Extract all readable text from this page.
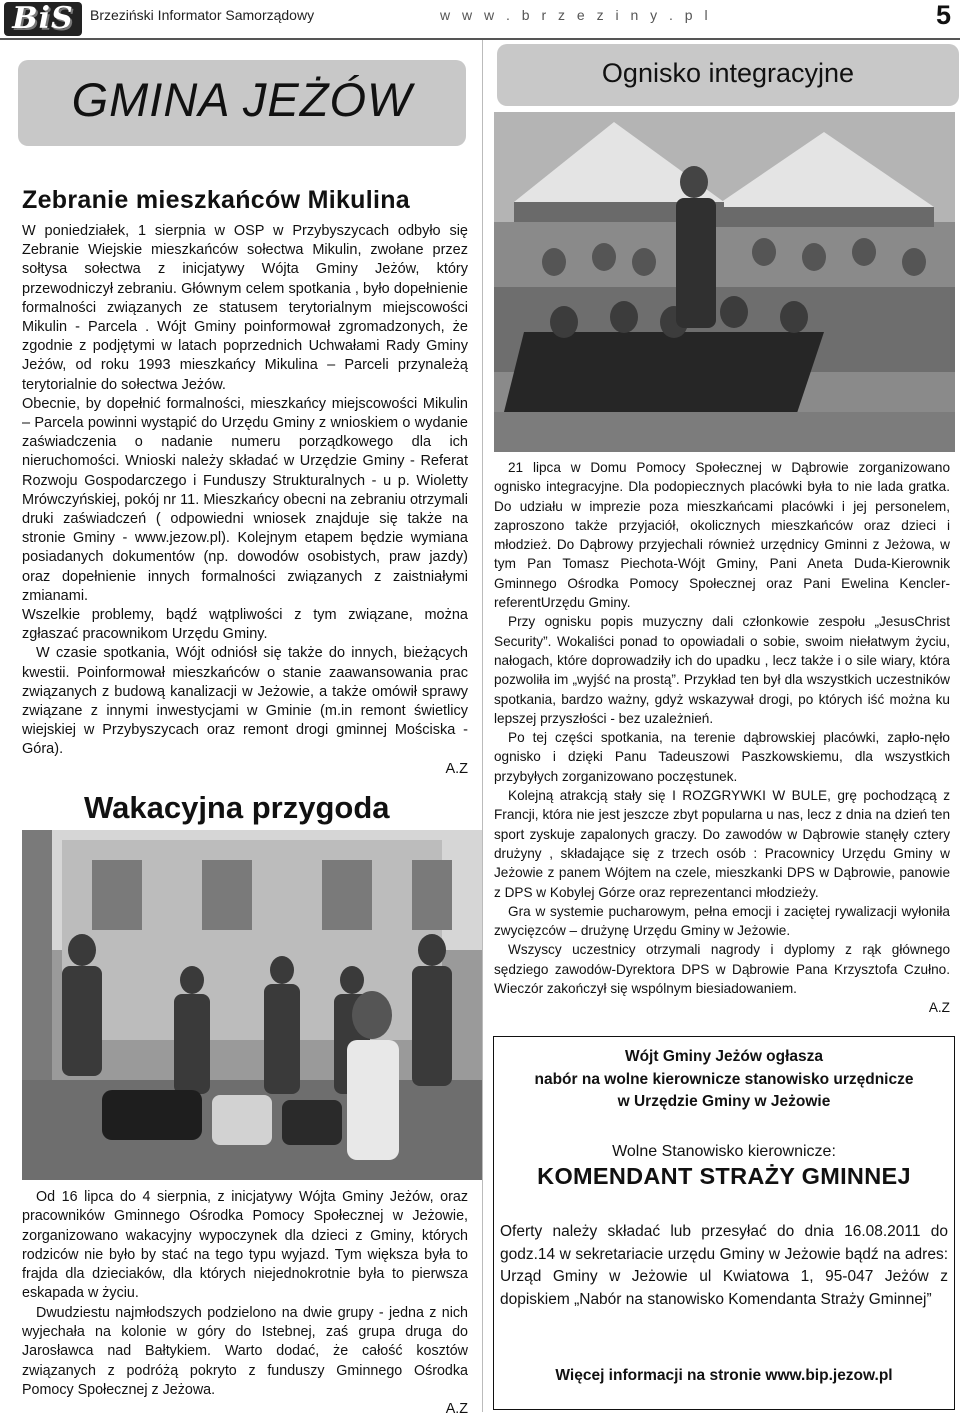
BiS	Brzeziński Informator Samorządowy	w w w . b r z e z i n y . p l	5
GMINA JEŻÓW	Ognisko integracyjne
Zebranie mieszkańców Mikulina

W poniedziałek, 1 sierpnia w OSP w Przybyszycach odbyło się Zebranie Wiejskie mieszkańców sołectwa Mikulin, zwołane przez sołtysa sołectwa z inicjatywy Wójta Gminy Jeżów, który przewodniczył zebraniu. Głównym celem spotkania , było dopełnienie formalności związanych ze statusem terytorialnym miejscowości Mikulin - Parcela . Wójt Gminy poinformował zgromadzonych, że zgodnie z podjętymi w latach poprzednich Uchwałami Rady Gminy Jeżów, od roku 1993 mieszkańcy Mikulina – Parceli przynależą terytorialnie do sołectwa Jeżów.

Obecnie, by dopełnić formalności, mieszkańcy miejscowości Mikulin – Parcela powinni wystąpić do Urzędu Gminy z wnioskiem o wydanie zaświadczenia o nadanie numeru porządkowego dla ich nieruchomości. Wnioski należy składać w Urzędzie Gminy - Referat Rozwoju Gospodarczego i Funduszy Strukturalnych - u p. Wioletty Mrówczyńskiej, pokój nr 11. Mieszkańcy obecni na zebraniu otrzymali druki zaświadczeń ( odpowiedni wniosek znajduje się także na stronie Gminy - www.jezow.pl). Kolejnym etapem będzie wymiana posiadanych dokumentów (np. dowodów osobistych, praw jazdy) oraz dopełnienie innych formalności związanych z zaistniałymi zmianami.

Wszelkie problemy, bądź wątpliwości z tym związane, można zgłaszać pracownikom Urzędu Gminy.

W czasie spotkania, Wójt odniósł się także do innych, bieżących kwestii. Poinformował mieszkańców o stanie zaawansowania prac związanych z budową kanalizacji w Jeżowie, a także omówił sprawy związane z innymi inwestycjami w Gminie (m.in remont świetlicy wiejskiej w Przybyszycach oraz remont drogi gminnej Mościska - Góra).

A.Z
Wakacyjna przygoda

Od 16 lipca do 4 sierpnia, z inicjatywy Wójta Gminy Jeżów, oraz pracowników Gminnego Ośrodka Pomocy Społecznej w Jeżowie, zorganizowano wakacyjny wypoczynek dla dzieci z Gminy, których rodziców nie było by stać na tego typu wyjazd. Tym większa była to frajda dla dzieciaków, dla których niejednokrotnie była to pierwsza eskapada w życiu.

Dwudziestu najmłodszych podzielono na dwie grupy - jedna z nich wyjechała na kolonie w góry do Istebnej, zaś grupa druga do Jarosławca nad Bałtykiem. Warto dodać, że całość kosztów związanych z podróżą pokryto z funduszy Gminnego Ośrodka Pomocy Społecznej z Jeżowa.

A.Z

21 lipca w Domu Pomocy Społecznej w Dąbrowie zorganizowano ognisko integracyjne. Dla podopiecznych placówki była to nie lada gratka. Do udziału w imprezie poza mieszkańcami placówki i jej personelem, zaproszono także przyjaciół, okolicznych mieszkańców oraz dzieci i młodzież. Do Dąbrowy przyjechali również urzędnicy Gminni z Jeżowa, w tym Pan Tomasz Piechota-Wójt Gminy, Pani Aneta Duda-Kierownik Gminnego Ośrodka Pomocy Społecznej oraz Pani Ewelina Kencler- referentUrzędu Gminy.

Przy ognisku popis muzyczny dali członkowie zespołu „JesusChrist Security”. Wokaliści ponad to opowiadali o sobie, swoim niełatwym życiu, nałogach, które doprowadziły ich do upadku , lecz także i o sile wiary, która pozwoliła im „wyjść na prostą”. Przykład ten był dla wszystkich uczestników spotkania, bardzo ważny, gdyż wskazywał drogi, po których iść można ku lepszej przyszłości - bez uzależnień.

Po tej części spotkania, na terenie dąbrowskiej placówki, zapło-nęło ognisko i dzięki Panu Tadeuszowi Paszkowskiemu, dla wszystkich przybyłych zorganizowano poczęstunek.

Kolejną atrakcją stały się I ROZGRYWKI W BULE, grę pochodzącą z Francji, która nie jest jeszcze zbyt popularna u nas, lecz z dnia na dzień ten sport zyskuje zapalonych graczy. Do zawodów w Dąbrowie stanęły cztery drużyny , składające się z trzech osób : Pracownicy Urzędu Gminy w Jeżowie z panem Wójtem na czele, mieszkanki DPS w Dąbrowie, panowie z DPS w Kobylej Górze oraz reprezentanci młodzieży.

Gra w systemie pucharowym, pełna emocji i zaciętej rywalizacji wyłoniła zwycięzców – drużynę Urzędu Gminy w Jeżowie.

Wszyscy uczestnicy otrzymali nagrody i dyplomy z rąk głównego sędziego zawodów-Dyrektora DPS w Dąbrowie Pana Krzysztofa Czułno. Wieczór zakończył się wspólnym biesiadowaniem.

A.Z
Wójt Gminy Jeżów ogłasza
nabór na wolne kierownicze stanowisko urzędnicze
w Urzędzie Gminy w Jeżowie
Wolne Stanowisko kierownicze:
KOMENDANT STRAŻY GMINNEJ
Oferty należy składać lub przesyłać do dnia 16.08.2011 do godz.14 w sekretariacie urzędu Gminy w Jeżowie bądź na adres: Urząd Gminy w Jeżowie ul Kwiatowa 1, 95-047 Jeżów z dopiskiem „Nabór na stanowisko Komendanta Straży Gminnej”
Więcej informacji na stronie www.bip.jezow.pl
